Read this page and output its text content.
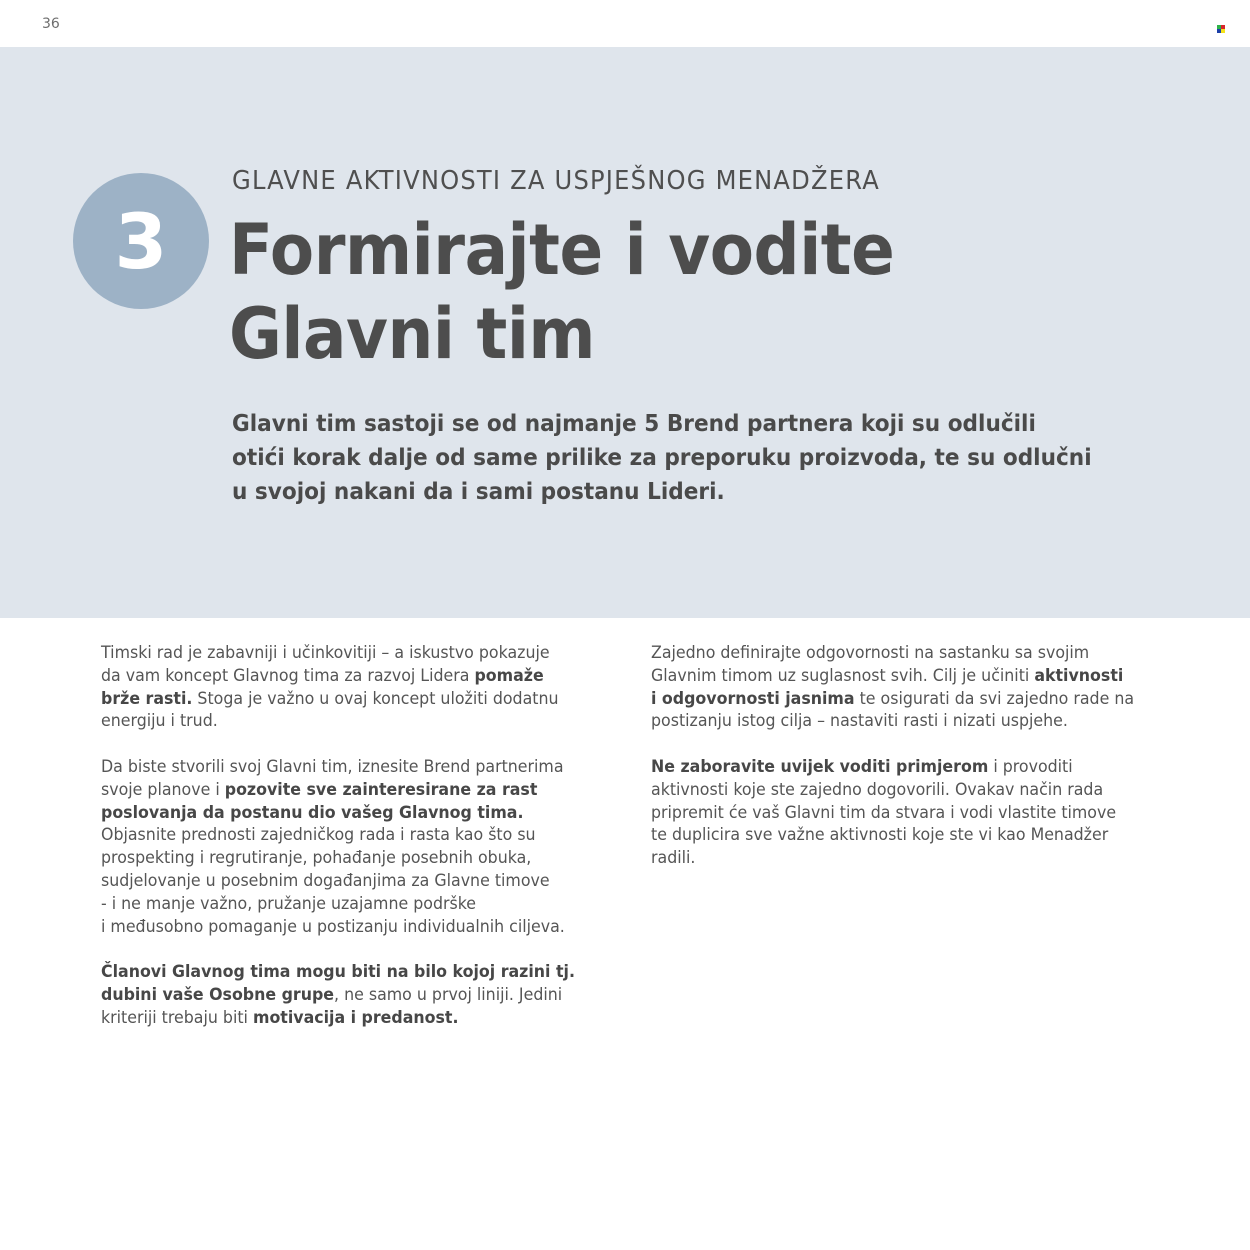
36
3
GLAVNE AKTIVNOSTI ZA USPJEŠNOG MENADŽERA
Formirajte i vodite
Glavni tim
Glavni tim sastoji se od najmanje 5 Brend partnera koji su odlučili
otići korak dalje od same prilike za preporuku proizvoda, te su odlučni
u svojoj nakani da i sami postanu Lideri.

Timski rad je zabavniji i učinkovitiji – a iskustvo pokazuje
da vam koncept Glavnog tima za razvoj Lidera pomaže
brže rasti. Stoga je važno u ovaj koncept uložiti dodatnu
energiju i trud.

Da biste stvorili svoj Glavni tim, iznesite Brend partnerima
svoje planove i pozovite sve zainteresirane za rast
poslovanja da postanu dio vašeg Glavnog tima.
Objasnite prednosti zajedničkog rada i rasta kao što su
prospekting i regrutiranje, pohađanje posebnih obuka,
sudjelovanje u posebnim događanjima za Glavne timove
- i ne manje važno, pružanje uzajamne podrške
i međusobno pomaganje u postizanju individualnih ciljeva.

Članovi Glavnog tima mogu biti na bilo kojoj razini tj.
dubini vaše Osobne grupe, ne samo u prvoj liniji. Jedini
kriteriji trebaju biti motivacija i predanost.

Zajedno definirajte odgovornosti na sastanku sa svojim
Glavnim timom uz suglasnost svih. Cilj je učiniti aktivnosti
i odgovornosti jasnima te osigurati da svi zajedno rade na
postizanju istog cilja – nastaviti rasti i nizati uspjehe.

Ne zaboravite uvijek voditi primjerom i provoditi
aktivnosti koje ste zajedno dogovorili. Ovakav način rada
pripremit će vaš Glavni tim da stvara i vodi vlastite timove
te duplicira sve važne aktivnosti koje ste vi kao Menadžer
radili.
